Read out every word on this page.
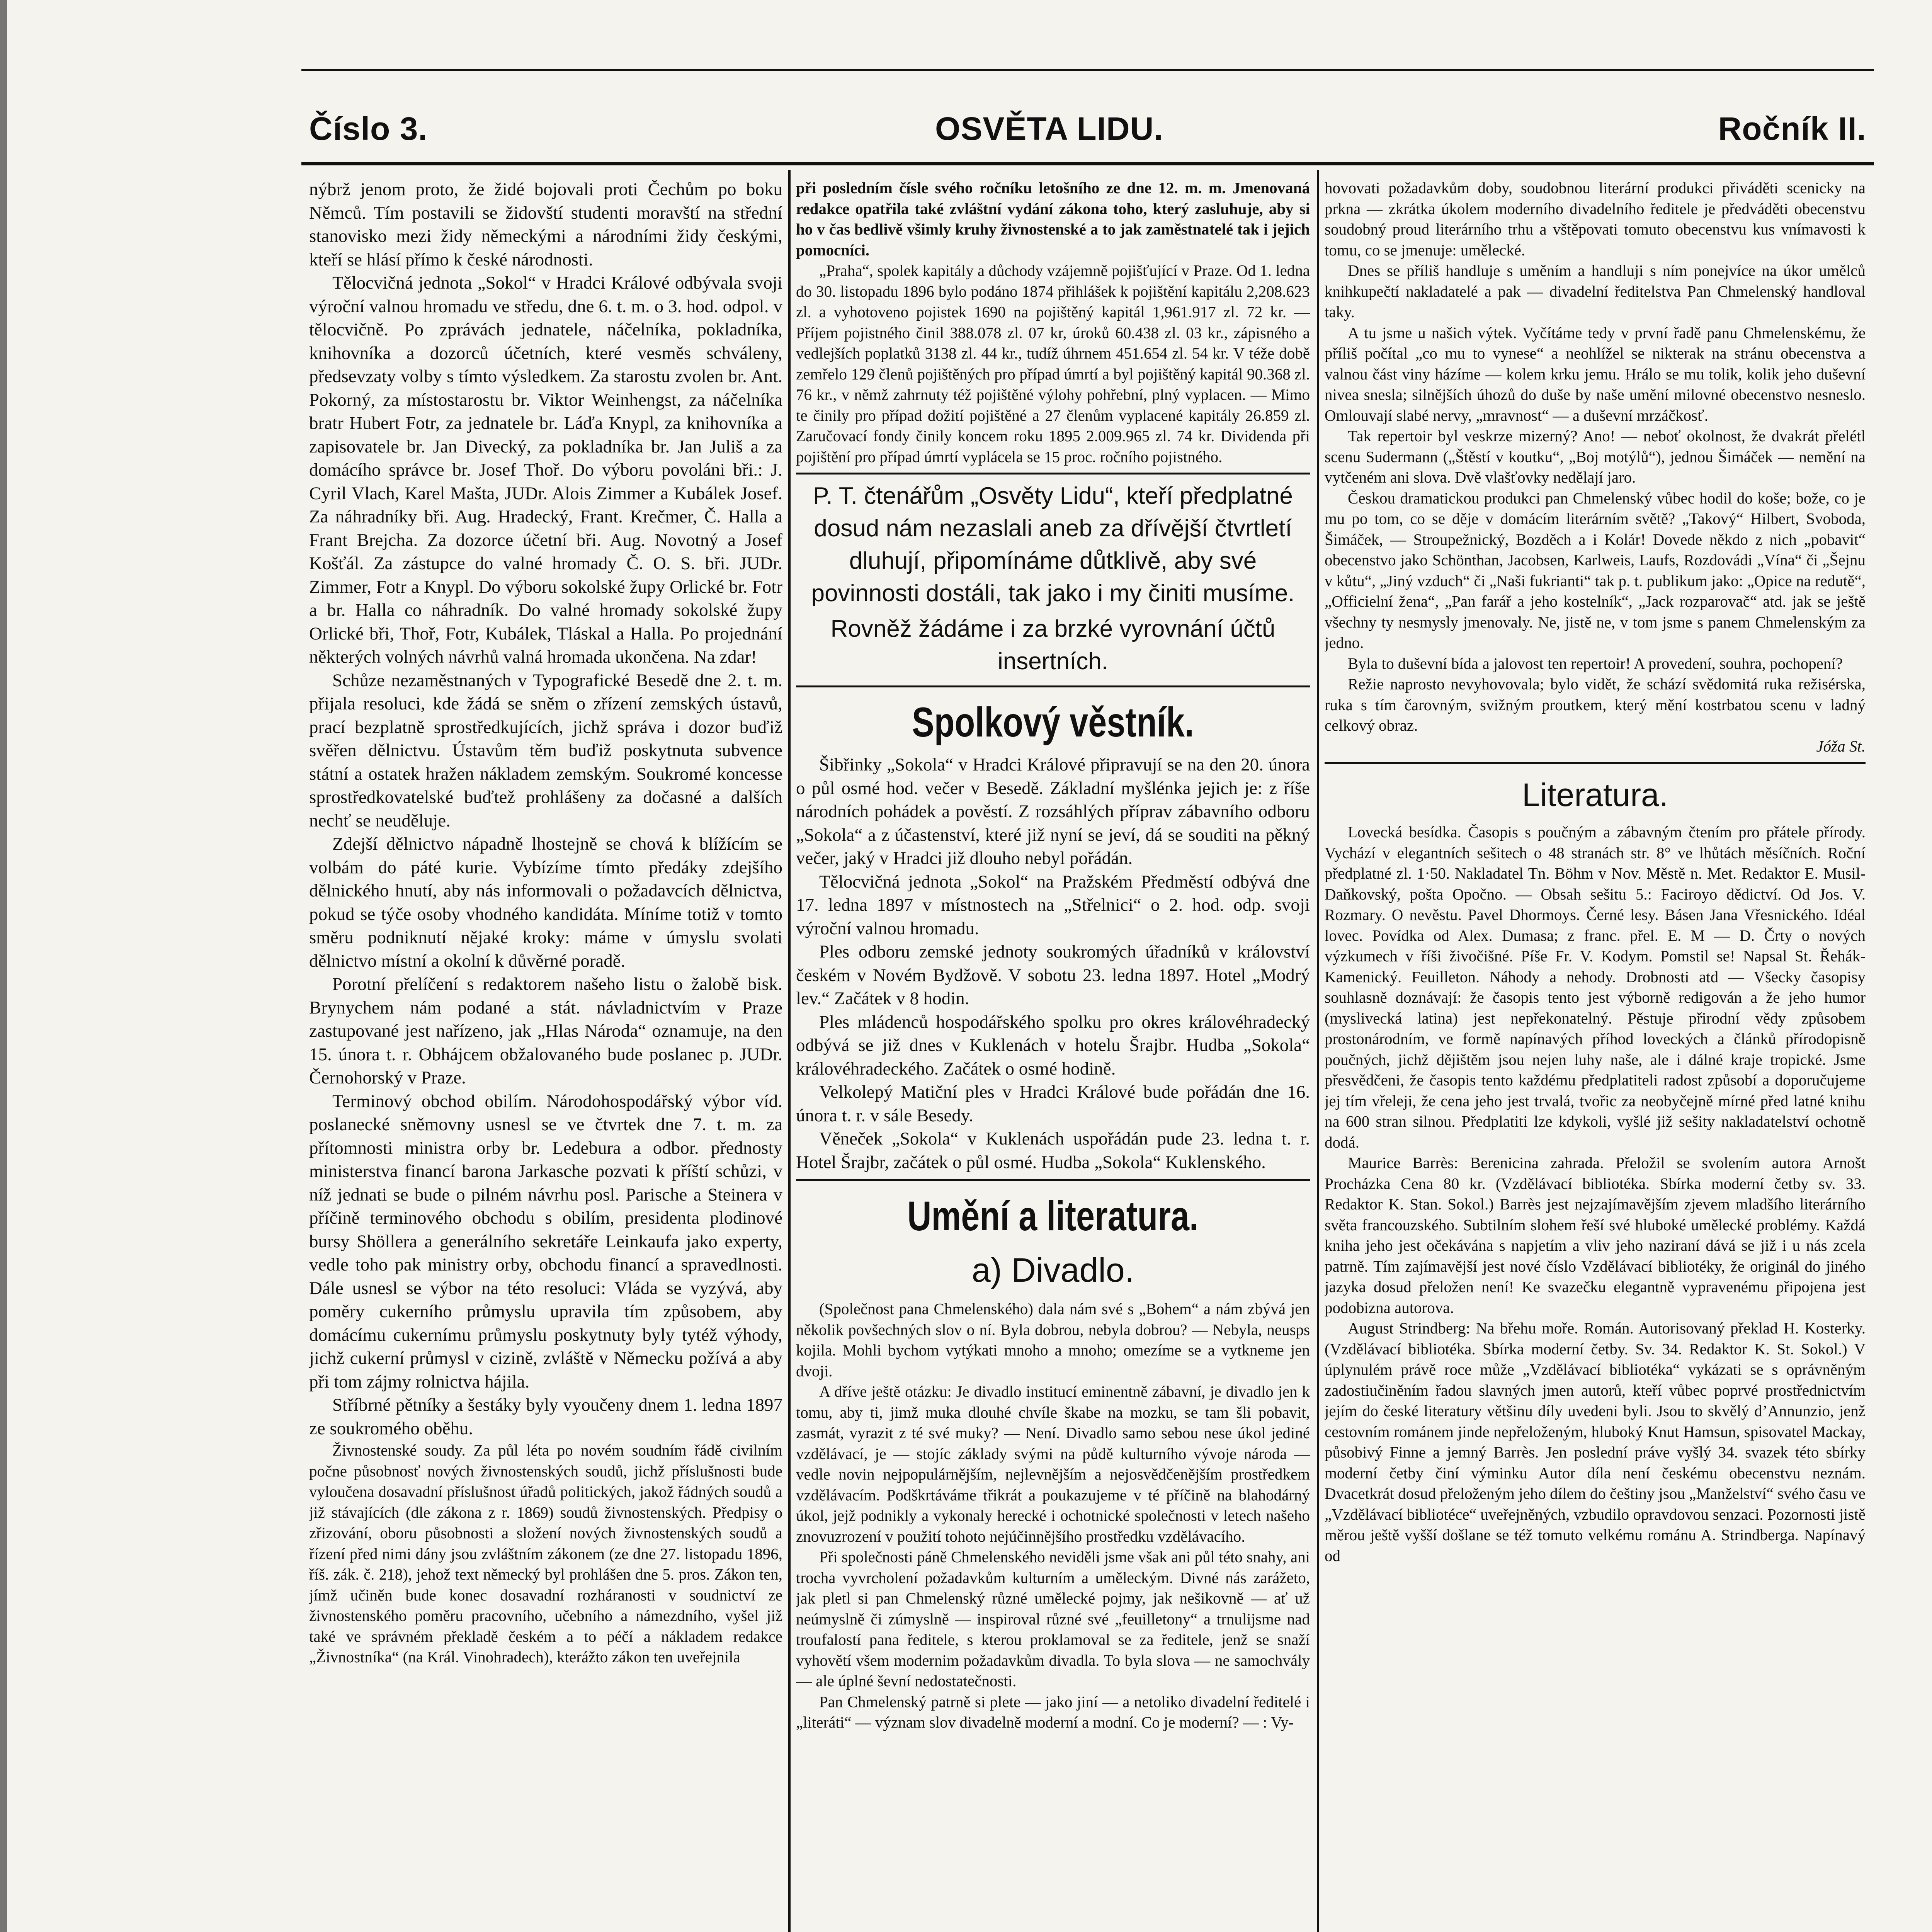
Číslo 3.	OSVĚTA LIDU.	Ročník II.

nýbrž jenom proto, že židé bojovali proti Čechům po boku Němců. Tím postavili se židovští studenti moravští na střední stanovisko mezi židy německými a národními židy českými, kteří se hlásí přímo k české národnosti.

Tělocvičná jednota „Sokol“ v Hradci Králové odbývala svoji výroční valnou hromadu ve středu, dne 6. t. m. o 3. hod. odpol. v tělocvičně. Po zprávách jednatele, náčelníka, pokladníka, knihovníka a dozorců účetních, které vesměs schváleny, předsevzaty volby s tímto výsledkem. Za starostu zvolen br. Ant. Pokorný, za místostarostu br. Viktor Weinhengst, za náčelníka bratr Hubert Fotr, za jednatele br. Láďa Knypl, za knihovníka a zapisovatele br. Jan Divecký, za pokladníka br. Jan Juliš a za domácího správce br. Josef Thoř. Do výboru povoláni bři.: J. Cyril Vlach, Karel Mašta, JUDr. Alois Zimmer a Kubálek Josef. Za náhradníky bři. Aug. Hradecký, Frant. Krečmer, Č. Halla a Frant Brejcha. Za dozorce účetní bři. Aug. Novotný a Josef Košťál. Za zástupce do valné hromady Č. O. S. bři. JUDr. Zimmer, Fotr a Knypl. Do výboru sokolské župy Orlické br. Fotr a br. Halla co náhradník. Do valné hromady sokolské župy Orlické bři, Thoř, Fotr, Kubálek, Tláskal a Halla. Po projednání některých volných návrhů valná hromada ukončena. Na zdar!

Schůze nezaměstnaných v Typografické Besedě dne 2. t. m. přijala resoluci, kde žádá se sněm o zřízení zemských ústavů, prací bezplatně sprostředkujících, jichž správa i dozor buďiž svěřen dělnictvu. Ústavům těm buďiž poskytnuta subvence státní a ostatek hražen nákladem zemským. Soukromé koncesse sprostředkovatelské buďtež prohlášeny za dočasné a dalších nechť se neuděluje.

Zdejší dělnictvo nápadně lhostejně se chová k blížícím se volbám do páté kurie. Vybízíme tímto předáky zdejšího dělnického hnutí, aby nás informovali o požadavcích dělnictva, pokud se týče osoby vhodného kandidáta. Míníme totiž v tomto směru podniknutí nějaké kroky: máme v úmyslu svolati dělnictvo místní a okolní k důvěrné poradě.

Porotní přelíčení s redaktorem našeho listu o žalobě bisk. Brynychem nám podané a stát. návladnictvím v Praze zastupované jest nařízeno, jak „Hlas Národa“ oznamuje, na den 15. února t. r. Obhájcem obžalovaného bude poslanec p. JUDr. Černohorský v Praze.

Terminový obchod obilím. Národohospodářský výbor víd. poslanecké sněmovny usnesl se ve čtvrtek dne 7. t. m. za přítomnosti ministra orby br. Ledebura a odbor. přednosty ministerstva financí barona Jarkasche pozvati k příští schůzi, v níž jednati se bude o pilném návrhu posl. Parische a Steinera v příčině terminového obchodu s obilím, presidenta plodinové bursy Shöllera a generálního sekretáře Leinkaufa jako experty, vedle toho pak ministry orby, obchodu financí a spravedlnosti. Dále usnesl se výbor na této resoluci: Vláda se vyzývá, aby poměry cukerního průmyslu upravila tím způsobem, aby domácímu cukernímu průmyslu poskytnuty byly tytéž výhody, jichž cukerní průmysl v cizině, zvláště v Německu požívá a aby při tom zájmy rolnictva hájila.

Stříbrné pětníky a šestáky byly vyoučeny dnem 1. ledna 1897 ze soukromého oběhu.

Živnostenské soudy. Za půl léta po novém soudním řádě civilním počne působnosť nových živnostenských soudů, jichž příslušnosti bude vyloučena dosavadní příslušnost úřadů politických, jakož řádných soudů a již stávajících (dle zákona z r. 1869) soudů živnostenských. Předpisy o zřizování, oboru působnosti a složení nových živnostenských soudů a řízení před nimi dány jsou zvláštním zákonem (ze dne 27. listopadu 1896, říš. zák. č. 218), jehož text německý byl prohlášen dne 5. pros. Zákon ten, jímž učiněn bude konec dosavadní rozháranosti v soudnictví ze živnostenského poměru pracovního, učebního a námezdního, vyšel již také ve správném překladě českém a to péčí a nákladem redakce „Živnostníka“ (na Král. Vinohradech), kterážto zákon ten uveřejnila

při posledním čísle svého ročníku letošního ze dne 12. m. m. Jmenovaná redakce opatřila také zvláštní vydání zákona toho, který zasluhuje, aby si ho v čas bedlivě všimly kruhy živnostenské a to jak zaměstnatelé tak i jejich pomocníci.

„Praha“, spolek kapitály a důchody vzájemně pojišťující v Praze. Od 1. ledna do 30. listopadu 1896 bylo podáno 1874 přihlášek k pojištění kapitálu 2,208.623 zl. a vyhotoveno pojistek 1690 na pojištěný kapitál 1,961.917 zl. 72 kr. — Příjem pojistného činil 388.078 zl. 07 kr, úroků 60.438 zl. 03 kr., zápisného a vedlejších poplatků 3138 zl. 44 kr., tudíž úhrnem 451.654 zl. 54 kr. V téže době zemřelo 129 členů pojištěných pro případ úmrtí a byl pojištěný kapitál 90.368 zl. 76 kr., v němž zahrnuty též pojištěné výlohy pohřební, plný vyplacen. — Mimo te činily pro případ dožití pojištěné a 27 členům vyplacené kapitály 26.859 zl. Zaručovací fondy činily koncem roku 1895 2.009.965 zl. 74 kr. Dividenda při pojištění pro případ úmrtí vyplácela se 15 proc. ročního pojistného.

P. T. čtenářům „Osvěty Lidu“, kteří předplatné dosud nám nezaslali aneb za dřívější čtvrtletí dluhují, připomínáme důtklivě, aby své povinnosti dostáli, tak jako i my činiti musíme.

Rovněž žádáme i za brzké vyrovnání účtů insertních.

Spolkový věstník.

Šibřinky „Sokola“ v Hradci Králové připravují se na den 20. února o půl osmé hod. večer v Besedě. Základní myšlénka jejich je: z říše národních pohádek a pověstí. Z rozsáhlých příprav zábavního odboru „Sokola“ a z účastenství, které již nyní se jeví, dá se souditi na pěkný večer, jaký v Hradci již dlouho nebyl pořádán.

Tělocvičná jednota „Sokol“ na Pražském Předměstí odbývá dne 17. ledna 1897 v místnostech na „Střelnici“ o 2. hod. odp. svoji výroční valnou hromadu.

Ples odboru zemské jednoty soukromých úřadníků v království českém v Novém Bydžově. V sobotu 23. ledna 1897. Hotel „Modrý lev.“ Začátek v 8 hodin.

Ples mládenců hospodářského spolku pro okres královéhradecký odbývá se již dnes v Kuklenách v hotelu Šrajbr. Hudba „Sokola“ královéhradeckého. Začátek o osmé hodině.

Velkolepý Matiční ples v Hradci Králové bude pořádán dne 16. února t. r. v sále Besedy.

Věneček „Sokola“ v Kuklenách uspořádán pude 23. ledna t. r. Hotel Šrajbr, začátek o půl osmé. Hudba „Sokola“ Kuklenského.

Umění a literatura.
a) Divadlo.

(Společnost pana Chmelenského) dala nám své s „Bohem“ a nám zbývá jen několik povšechných slov o ní. Byla dobrou, nebyla dobrou? — Nebyla, neusps kojila. Mohli bychom vytýkati mnoho a mnoho; omezíme se a vytkneme jen dvoji.

A dříve ještě otázku: Je divadlo institucí eminentně zábavní, je divadlo jen k tomu, aby ti, jimž muka dlouhé chvíle škabe na mozku, se tam šli pobavit, zasmát, vyrazit z té své muky? — Není. Divadlo samo sebou nese úkol jediné vzdělávací, je — stojíc základy svými na půdě kulturního vývoje národa — vedle novin nejpopulárnějším, nejlevnějším a nejosvědčenějším prostředkem vzdělávacím. Podškrtáváme třikrát a poukazujeme v té příčině na blahodárný úkol, jejž podnikly a vykonaly herecké i ochotnické společnosti v letech našeho znovuzrození v použití tohoto nejúčinnějšího prostředku vzdělávacího.

Při společnosti páně Chmelenského neviděli jsme však ani půl této snahy, ani trocha vyvrcholení požadavkům kulturním a uměleckým. Divné nás zarážeto, jak pletl si pan Chmelenský různé umělecké pojmy, jak nešikovně — ať už neúmyslně či zúmyslně — inspiroval různé své „feuilletony“ a trnulijsme nad troufalostí pana ředitele, s kterou proklamoval se za ředitele, jenž se snaží vyhovětí všem modernim požadavkům divadla. To byla slova — ne samochvály — ale úplné ševní nedostatečnosti.

Pan Chmelenský patrně si plete — jako jiní — a netoliko divadelní ředitelé i „literáti“ — význam slov divadelně moderní a modní. Co je moderní? — : Vy-

hovovati požadavkům doby, soudobnou literární produkci přiváděti scenicky na prkna — zkrátka úkolem moderního divadelního ředitele je předváděti obecenstvu soudobný proud literárního trhu a vštěpovati tomuto obecenstvu kus vnímavosti k tomu, co se jmenuje: umělecké.

Dnes se příliš handluje s uměním a handluji s ním ponejvíce na úkor umělců knihkupečtí nakladatelé a pak — divadelní ředitelstva Pan Chmelenský handloval taky.

A tu jsme u našich výtek. Vyčítáme tedy v první řadě panu Chmelenskému, že příliš počítal „co mu to vynese“ a neohlížel se nikterak na stránu obecenstva a valnou část viny házíme — kolem krku jemu. Hrálo se mu tolik, kolik jeho duševní nivea snesla; silnějších úhozů do duše by naše umění milovné obecenstvo nesneslo. Omlouvají slabé nervy, „mravnost“ — a duševní mrzáčkosť.

Tak repertoir byl veskrze mizerný? Ano! — neboť okolnost, že dvakrát přelétl scenu Sudermann („Štěstí v koutku“, „Boj motýlů“), jednou Šimáček — nemění na vytčeném ani slova. Dvě vlašťovky nedělají jaro.

Českou dramatickou produkci pan Chmelenský vůbec hodil do koše; bože, co je mu po tom, co se děje v domácím literárním světě? „Takový“ Hilbert, Svoboda, Šimáček, — Stroupežnický, Bozděch a i Kolár! Dovede někdo z nich „pobavit“ obecenstvo jako Schönthan, Jacobsen, Karlweis, Laufs, Rozdovádi „Vína“ či „Šejnu v kůtu“, „Jiný vzduch“ či „Naši fukrianti“ tak p. t. publikum jako: „Opice na redutě“, „Officielní žena“, „Pan farář a jeho kostelník“, „Jack rozparovač“ atd. jak se ještě všechny ty nesmysly jmenovaly. Ne, jistě ne, v tom jsme s panem Chmelenským za jedno.

Byla to duševní bída a jalovost ten repertoir! A provedení, souhra, pochopení?

Režie naprosto nevyhovovala; bylo vidět, že schází svědomitá ruka režisérska, ruka s tím čarovným, svižným proutkem, který mění kostrbatou scenu v ladný celkový obraz.

Jóža St.
Literatura.

Lovecká besídka. Časopis s poučným a zábavným čtením pro přátele přírody. Vychází v elegantních sešitech o 48 stranách str. 8° ve lhůtách měsíčních. Roční předplatné zl. 1·50. Nakladatel Tn. Böhm v Nov. Městě n. Met. Redaktor E. Musil-Daňkovský, pošta Opočno. — Obsah sešitu 5.: Faciroyo dědictví. Od Jos. V. Rozmary. O nevěstu. Pavel Dhormoys. Černé lesy. Básen Jana Vřesnického. Idéal lovec. Povídka od Alex. Dumasa; z franc. přel. E. M — D. Črty o nových výzkumech v říši živočišné. Píše Fr. V. Kodym. Pomstil se! Napsal St. Řehák-Kamenický. Feuilleton. Náhody a nehody. Drobnosti atd — Všecky časopisy souhlasně doznávají: že časopis tento jest výborně redigován a že jeho humor (myslivecká latina) jest nepřekonatelný. Pěstuje přirodní vědy způsobem prostonárodním, ve formě napínavých příhod loveckých a článků přírodopisně poučných, jichž dějištěm jsou nejen luhy naše, ale i dálné kraje tropické. Jsme přesvědčeni, že časopis tento každému předplatiteli radost způsobí a doporučujeme jej tím vřeleji, že cena jeho jest trvalá, tvořic za neobyčejně mírné před latné knihu na 600 stran silnou. Předplatiti lze kdykoli, vyšlé již sešity nakladatelství ochotně dodá.

Maurice Barrès: Berenicina zahrada. Přeložil se svolením autora Arnošt Procházka Cena 80 kr. (Vzdělávací bibliotéka. Sbírka moderní četby sv. 33. Redaktor K. Stan. Sokol.) Barrès jest nejzajímavějším zjevem mladšího literárního světa francouzského. Subtilním slohem řeší své hluboké umělecké problémy. Každá kniha jeho jest očekávána s napjetím a vliv jeho naziraní dává se již i u nás zcela patrně. Tím zajímavější jest nové číslo Vzdělávací bibliotéky, že originál do jiného jazyka dosud přeložen není! Ke svazečku elegantně vypravenému připojena jest podobizna autorova.

August Strindberg: Na břehu moře. Román. Autorisovaný překlad H. Kosterky. (Vzdělávací bibliotéka. Sbírka moderní četby. Sv. 34. Redaktor K. St. Sokol.) V úplynulém právě roce může „Vzdělávací bibliotéka“ vykázati se s oprávněným zadostiučiněním řadou slavných jmen autorů, kteří vůbec poprvé prostřednictvím jejím do české literatury většinu díly uvedeni byli. Jsou to skvělý d’Annunzio, jenž cestovním románem jinde nepřeloženým, hluboký Knut Hamsun, spisovatel Mackay, působivý Finne a jemný Barrès. Jen poslední práve vyšlý 34. svazek této sbírky moderní četby činí výminku Autor díla není českému obecenstvu neznám. Dvacetkrát dosud přeloženým jeho dílem do češtiny jsou „Manželství“ svého času ve „Vzdělávací bibliotéce“ uveřejněných, vzbudilo opravdovou senzaci. Pozornosti jistě měrou ještě vyšší došlane se též tomuto velkému románu A. Strindberga. Napínavý od
